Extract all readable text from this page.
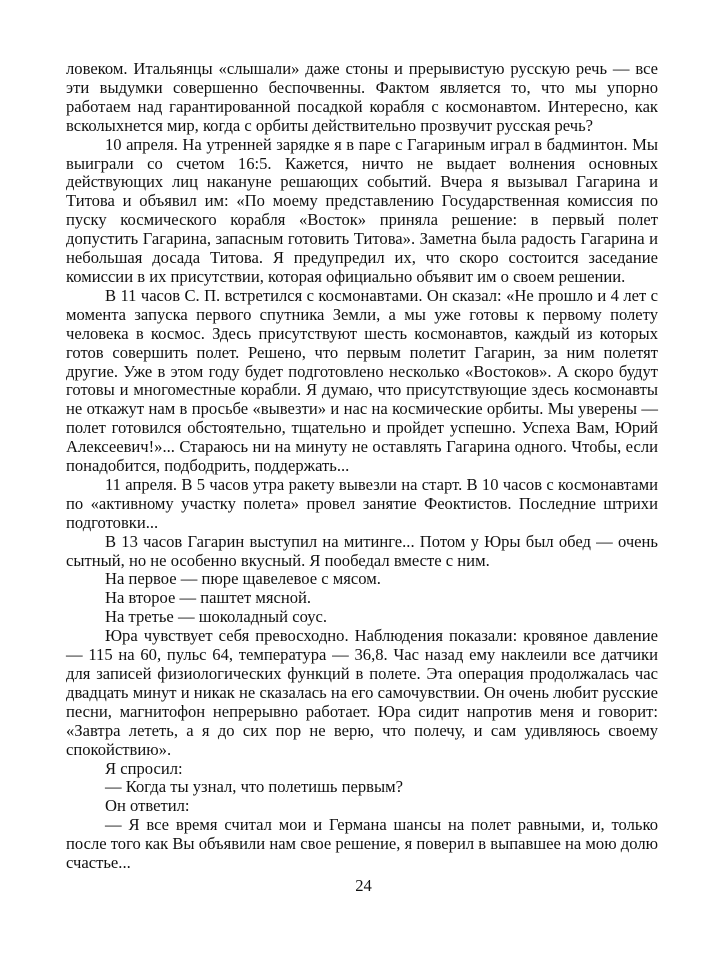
ловеком. Итальянцы «слышали» даже стоны и прерывистую русскую речь — все эти выдумки совершенно беспочвенны. Фактом является то, что мы упорно работаем над гарантированной посадкой корабля с космонавтом. Интересно, как всколыхнется мир, когда с орбиты действительно прозвучит русская речь?

10 апреля. На утренней зарядке я в паре с Гагариным играл в бадминтон. Мы выиграли со счетом 16:5. Кажется, ничто не выдает волнения основных действующих лиц накануне решающих событий. Вчера я вызывал Гагарина и Титова и объявил им: «По моему представлению Государственная комиссия по пуску космического корабля «Восток» приняла решение: в первый полет допустить Гагарина, запасным готовить Титова». Заметна была радость Гагарина и небольшая досада Титова. Я предупредил их, что скоро состоится заседание комиссии в их присутствии, которая официально объявит им о своем решении.

В 11 часов С. П. встретился с космонавтами. Он сказал: «Не прошло и 4 лет с момента запуска первого спутника Земли, а мы уже готовы к первому полету человека в космос. Здесь присутствуют шесть космонавтов, каждый из которых готов совершить полет. Решено, что первым полетит Гагарин, за ним полетят другие. Уже в этом году будет подготовлено несколько «Востоков». А скоро будут готовы и многоместные корабли. Я думаю, что присутствующие здесь космонавты не откажут нам в просьбе «вывезти» и нас на космические орбиты. Мы уверены — полет готовился обстоятельно, тщательно и пройдет успешно. Успеха Вам, Юрий Алексеевич!»... Стараюсь ни на минуту не оставлять Гагарина одного. Чтобы, если понадобится, подбодрить, поддержать...

11 апреля. В 5 часов утра ракету вывезли на старт. В 10 часов с космонавтами по «активному участку полета» провел занятие Феоктистов. Последние штрихи подготовки...

В 13 часов Гагарин выступил на митинге... Потом у Юры был обед — очень сытный, но не особенно вкусный. Я пообедал вместе с ним.

На первое — пюре щавелевое с мясом.

На второе — паштет мясной.

На третье — шоколадный соус.

Юра чувствует себя превосходно. Наблюдения показали: кровяное давление — 115 на 60, пульс 64, температура — 36,8. Час назад ему наклеили все датчики для записей физиологических функций в полете. Эта операция продолжалась час двадцать минут и никак не сказалась на его самочувствии. Он очень любит русские песни, магнитофон непрерывно работает. Юра сидит напротив меня и говорит: «Завтра лететь, а я до сих пор не верю, что полечу, и сам удивляюсь своему спокойствию».

Я спросил:

— Когда ты узнал, что полетишь первым?

Он ответил:

— Я все время считал мои и Германа шансы на полет равными, и, только после того как Вы объявили нам свое решение, я поверил в выпавшее на мою долю счастье...

24
